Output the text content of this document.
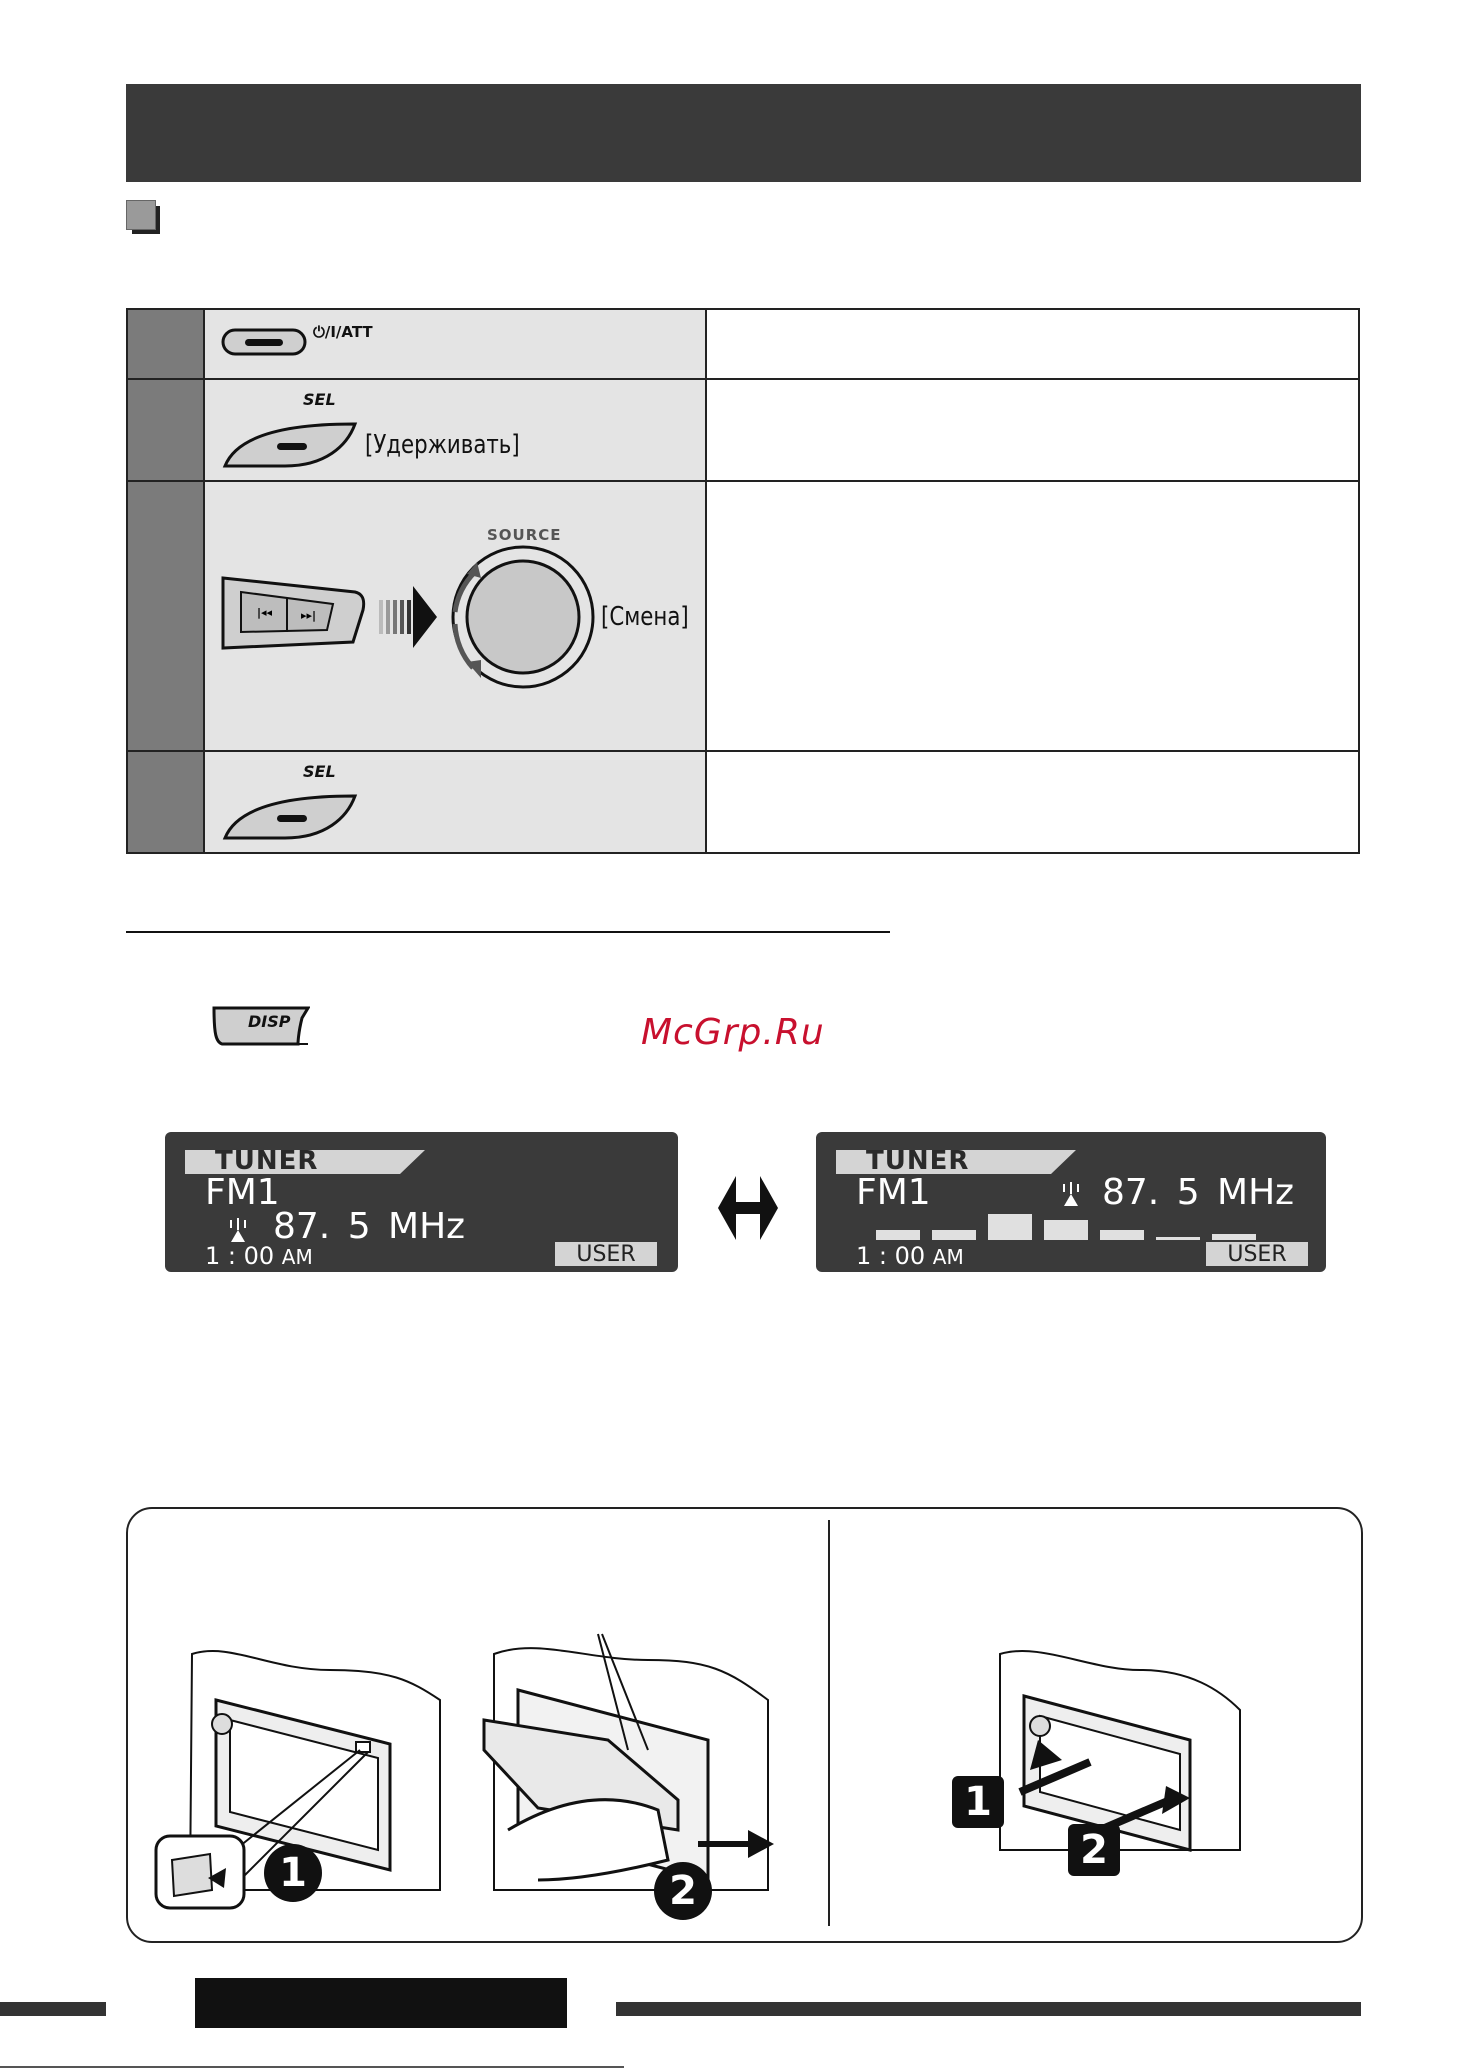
	⏻/I/ATT	

	SEL
[Удерживать]	

|◂◂ ▸▸|
SOURCE
[Смена]	

	SEL	

DISP	McGrp.Ru
TUNER
FM1
87. 5 MHz
1 : 00 AM	USER
TUNER
FM1	87. 5 MHz
1 : 00 AM	USER
1	2
1
2
